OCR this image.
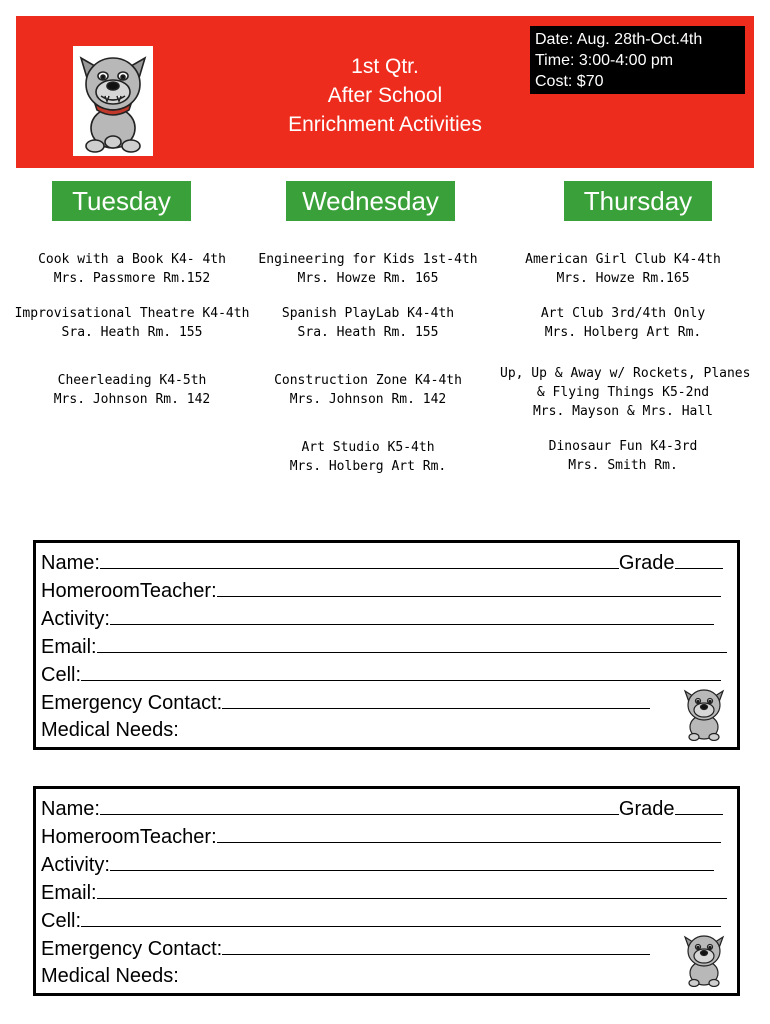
1st Qtr.
After School
Enrichment Activities
Date: Aug. 28th-Oct.4th
Time: 3:00-4:00 pm
Cost: $70
Tuesday	Wednesday	Thursday
Cook with a Book K4- 4th
Mrs. Passmore Rm.152
Improvisational Theatre K4-4th
Sra. Heath Rm. 155
Cheerleading K4-5th
Mrs. Johnson Rm. 142
Engineering for Kids 1st-4th
Mrs. Howze Rm. 165
Spanish PlayLab K4-4th
Sra. Heath Rm. 155
Construction Zone K4-4th
Mrs. Johnson Rm. 142
Art Studio K5-4th
Mrs. Holberg Art Rm.
American Girl Club K4-4th
Mrs. Howze Rm.165
Art Club 3rd/4th Only
Mrs. Holberg Art Rm.
Up, Up & Away w/ Rockets, Planes
& Flying Things K5-2nd
Mrs. Mayson & Mrs. Hall
Dinosaur Fun K4-3rd
Mrs. Smith Rm.
Name:	Grade
HomeroomTeacher:
Activity:
Email:
Cell:
Emergency Contact:
Medical Needs:
Name:	Grade
HomeroomTeacher:
Activity:
Email:
Cell:
Emergency Contact:
Medical Needs:
